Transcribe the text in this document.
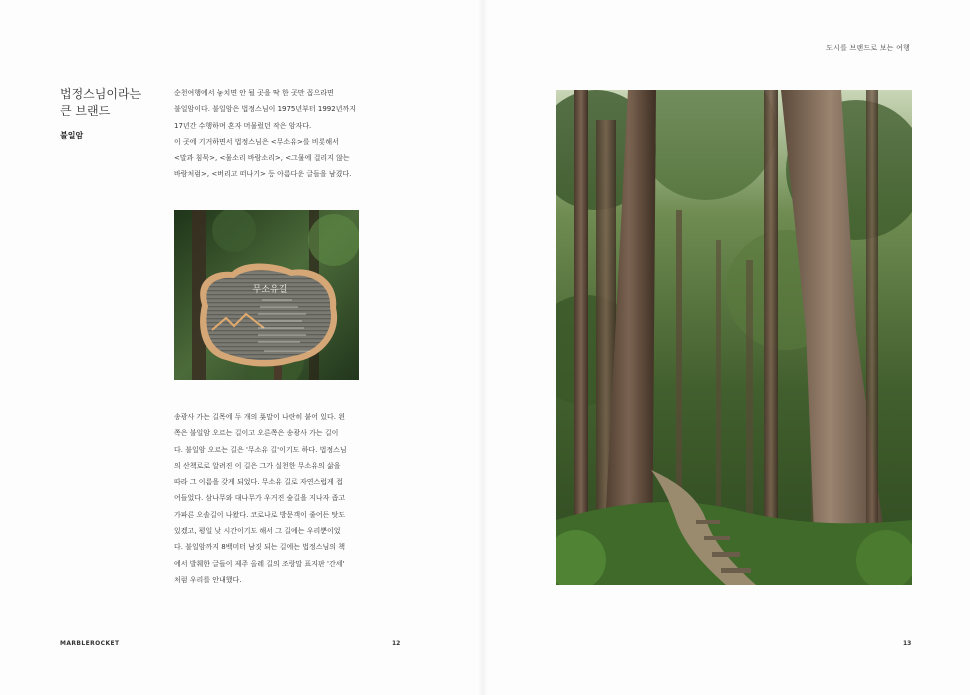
도시를 브랜드로 보는 여행
법정스님이라는
큰 브랜드
불일암

순천여행에서 놓치면 안 될 곳을 딱 한 곳만 꼽으라면
불일암이다. 불일암은 법정스님이 1975년부터 1992년까지
17년간 수행하며 혼자 머물렀던 작은 암자다.
이 곳에 기거하면서 법정스님은 <무소유>를 비롯해서
<말과 침묵>, <물소리 바람소리>, <그물에 걸리지 않는
바람처럼>, <버리고 떠나기> 등 아름다운 글들을 남겼다.

무소유길

송광사 가는 길목에 두 개의 푯말이 나란히 붙어 있다. 왼
쪽은 불일암 오르는 길이고 오른쪽은 송광사 가는 길이
다. 불일암 오르는 길은 '무소유 길'이기도 하다. 법정스님
의 산책로로 알려진 이 길은 그가 실천한 무소유의 삶을
따라 그 이름을 갖게 되었다. 무소유 길로 자연스럽게 접
어들었다. 삼나무와 대나무가 우거진 숲길을 지나자 좁고
가파른 오솔길이 나왔다. 코로나로 방문객이 줄어든 탓도
있겠고, 평일 낮 시간이기도 해서 그 길에는 우리뿐이었
다. 불일암까지 8백미터 남짓 되는 길에는 법정스님의 책
에서 발췌한 글들이 제주 올레 길의 조랑말 표지판 '간세'
처럼 우리를 안내했다.

MARBLEROCKET	12	13
